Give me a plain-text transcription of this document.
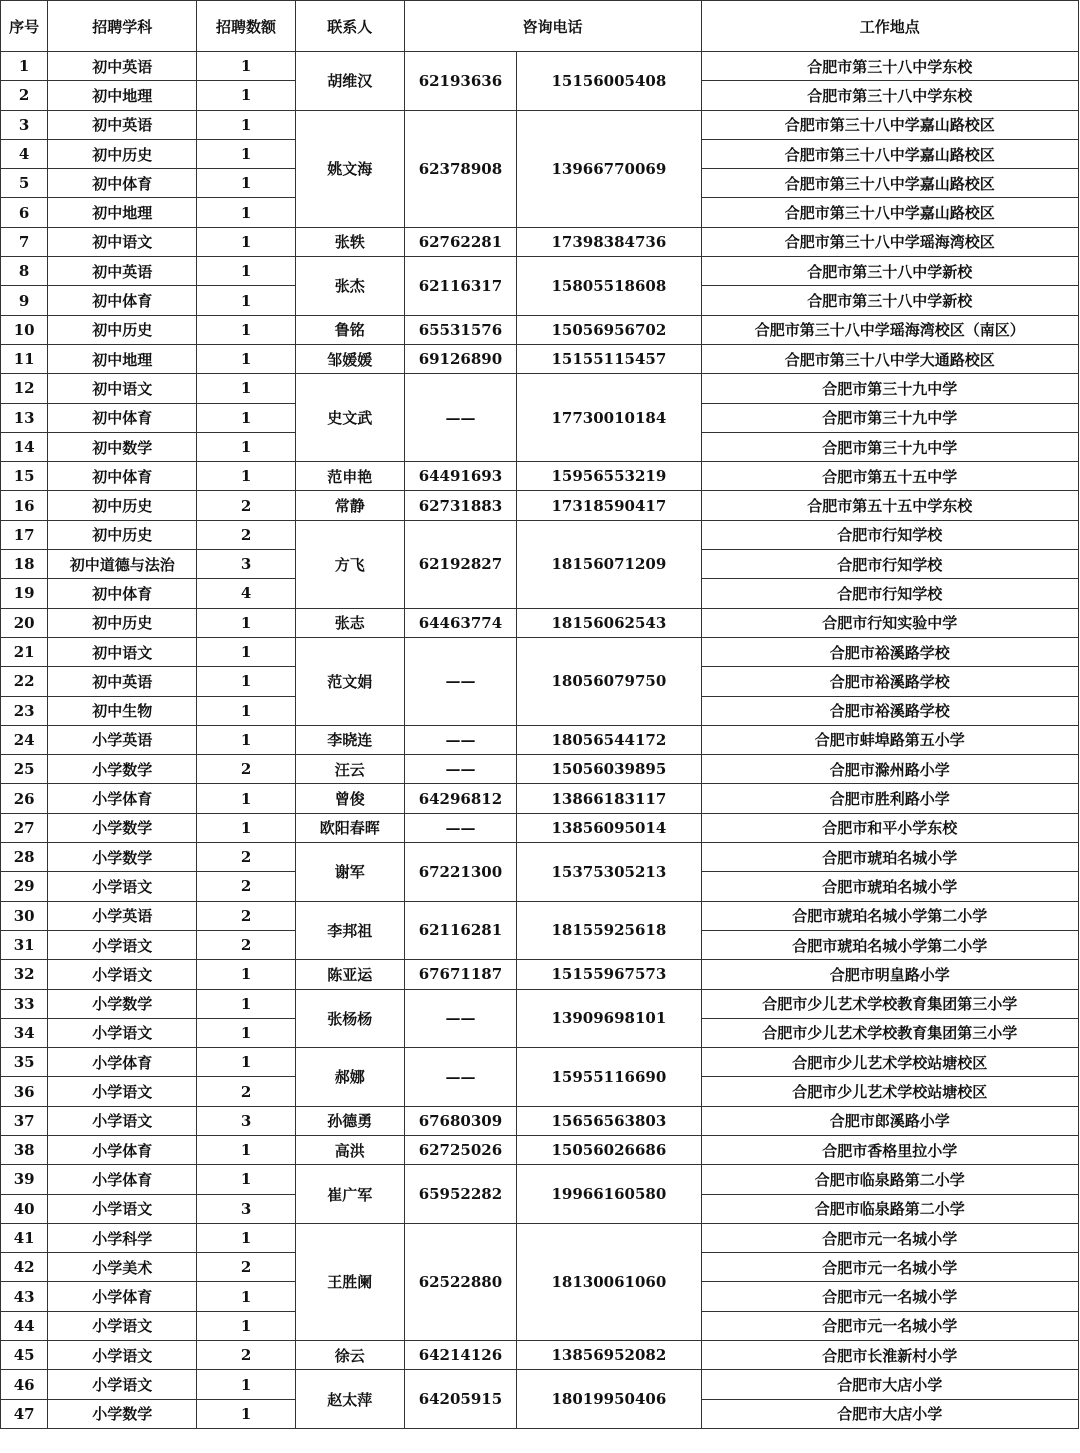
序号	招聘学科	招聘数额	联系人	咨询电话		工作地点
1	初中英语	1	胡维汉	62193636	15156005408	合肥市第三十八中学东校
2	初中地理	1				合肥市第三十八中学东校
3	初中英语	1	姚文海	62378908	13966770069	合肥市第三十八中学嘉山路校区
4	初中历史	1				合肥市第三十八中学嘉山路校区
5	初中体育	1				合肥市第三十八中学嘉山路校区
6	初中地理	1				合肥市第三十八中学嘉山路校区
7	初中语文	1	张轶	62762281	17398384736	合肥市第三十八中学瑶海湾校区
8	初中英语	1	张杰	62116317	15805518608	合肥市第三十八中学新校
9	初中体育	1				合肥市第三十八中学新校
10	初中历史	1	鲁铭	65531576	15056956702	合肥市第三十八中学瑶海湾校区（南区）
11	初中地理	1	邹媛媛	69126890	15155115457	合肥市第三十八中学大通路校区
12	初中语文	1	史文武	——	17730010184	合肥市第三十九中学
13	初中体育	1				合肥市第三十九中学
14	初中数学	1				合肥市第三十九中学
15	初中体育	1	范申艳	64491693	15956553219	合肥市第五十五中学
16	初中历史	2	常静	62731883	17318590417	合肥市第五十五中学东校
17	初中历史	2	方飞	62192827	18156071209	合肥市行知学校
18	初中道德与法治	3				合肥市行知学校
19	初中体育	4				合肥市行知学校
20	初中历史	1	张志	64463774	18156062543	合肥市行知实验中学
21	初中语文	1	范文娟	——	18056079750	合肥市裕溪路学校
22	初中英语	1				合肥市裕溪路学校
23	初中生物	1				合肥市裕溪路学校
24	小学英语	1	李晓连	——	18056544172	合肥市蚌埠路第五小学
25	小学数学	2	汪云	——	15056039895	合肥市滁州路小学
26	小学体育	1	曾俊	64296812	13866183117	合肥市胜利路小学
27	小学数学	1	欧阳春晖	——	13856095014	合肥市和平小学东校
28	小学数学	2	谢军	67221300	15375305213	合肥市琥珀名城小学
29	小学语文	2				合肥市琥珀名城小学
30	小学英语	2	李邦祖	62116281	18155925618	合肥市琥珀名城小学第二小学
31	小学语文	2				合肥市琥珀名城小学第二小学
32	小学语文	1	陈亚运	67671187	15155967573	合肥市明皇路小学
33	小学数学	1	张杨杨	——	13909698101	合肥市少儿艺术学校教育集团第三小学
34	小学语文	1				合肥市少儿艺术学校教育集团第三小学
35	小学体育	1	郝娜	——	15955116690	合肥市少儿艺术学校站塘校区
36	小学语文	2				合肥市少儿艺术学校站塘校区
37	小学语文	3	孙德勇	67680309	15656563803	合肥市郎溪路小学
38	小学体育	1	高洪	62725026	15056026686	合肥市香格里拉小学
39	小学体育	1	崔广军	65952282	19966160580	合肥市临泉路第二小学
40	小学语文	3				合肥市临泉路第二小学
41	小学科学	1	王胜阑	62522880	18130061060	合肥市元一名城小学
42	小学美术	2				合肥市元一名城小学
43	小学体育	1				合肥市元一名城小学
44	小学语文	1				合肥市元一名城小学
45	小学语文	2	徐云	64214126	13856952082	合肥市长淮新村小学
46	小学语文	1	赵太萍	64205915	18019950406	合肥市大店小学
47	小学数学	1				合肥市大店小学
